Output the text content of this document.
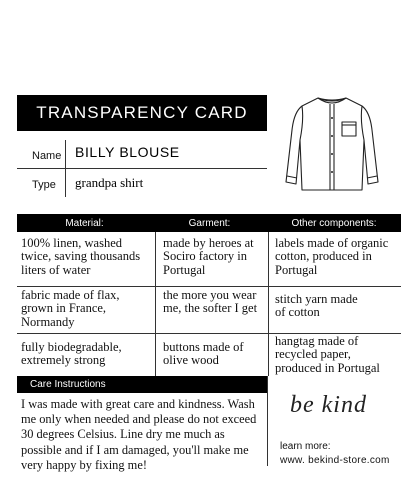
TRANSPARENCY CARD
Name BILLY BLOUSE
Type grandpa shirt
Material:	Garment:	Other components:
100% linen, washed twice, saving thousands liters of water
made by heroes at Sociro factory in Portugal
labels made of organic cotton, produced in Portugal
fabric made of flax, grown in France, Normandy
the more you wear me, the softer I get
stitch yarn made of cotton
fully biodegradable, extremely strong
buttons made of olive wood
hangtag made of recycled paper, produced in Portugal
Care Instructions
I was made with great care and kindness. Wash me only when needed and please do not exceed 30 degrees Celsius. Line dry me much as possible and if I am damaged, you'll make me very happy by fixing me!
be kind
learn more:
www. bekind-store.com
